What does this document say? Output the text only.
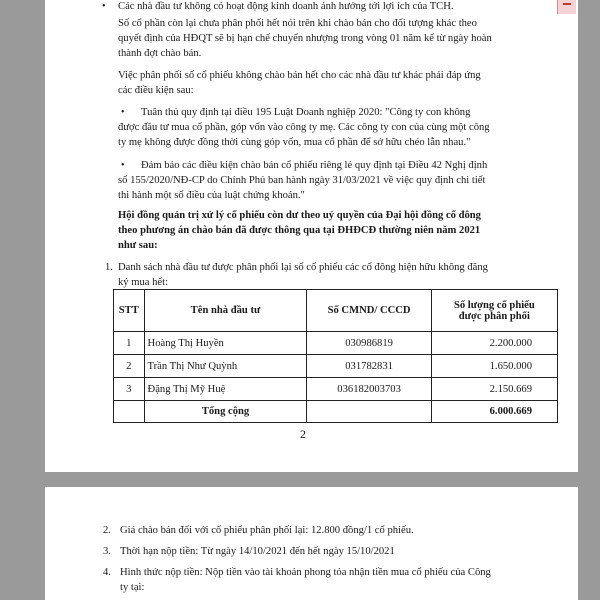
• Các nhà đầu tư không có hoạt động kinh doanh ảnh hưởng tới lợi ích của TCH.
Số cổ phần còn lại chưa phân phối hết nói trên khi chào bán cho đối tượng khác theo
quyết định của HĐQT sẽ bị hạn chế chuyển nhượng trong vòng 01 năm kể từ ngày hoàn
thành đợt chào bán.
Việc phân phối số cổ phiếu không chào bán hết cho các nhà đầu tư khác phải đáp ứng
các điều kiện sau:
• Tuân thủ quy định tại điều 195 Luật Doanh nghiệp 2020: "Công ty con không
được đầu tư mua cổ phần, góp vốn vào công ty mẹ. Các công ty con của cùng một công
ty mẹ không được đồng thời cùng góp vốn, mua cổ phần để sở hữu chéo lẫn nhau."
• Đảm bảo các điều kiện chào bán cổ phiếu riêng lẻ quy định tại Điều 42 Nghị định
số 155/2020/NĐ-CP do Chính Phủ ban hành ngày 31/03/2021 về việc quy định chi tiết
thi hành một số điều của luật chứng khoán."
Hội đồng quản trị xử lý cổ phiếu còn dư theo uỷ quyền của Đại hội đồng cổ đông
theo phương án chào bán đã được thông qua tại ĐHĐCĐ thường niên năm 2021
như sau:
1. Danh sách nhà đầu tư được phân phối lại số cổ phiếu các cổ đông hiện hữu không đăng
ký mua hết:
STT	Tên nhà đầu tư	Số CMND/ CCCD	Số lượng cổ phiếu
được phân phối

1	Hoàng Thị Huyền	030986819	2.200.000
2	Trần Thị Như Quỳnh	031782831	1.650.000
3	Đặng Thị Mỹ Huệ	036182003703	2.150.669
	Tổng cộng		6.000.669
2
2. Giá chào bán đối với cổ phiếu phân phối lại: 12.800 đồng/1 cổ phiếu.
3. Thời hạn nộp tiền: Từ ngày 14/10/2021 đến hết ngày 15/10/2021
4. Hình thức nộp tiền: Nộp tiền vào tài khoản phong tỏa nhận tiền mua cổ phiếu của Công
ty tại:
